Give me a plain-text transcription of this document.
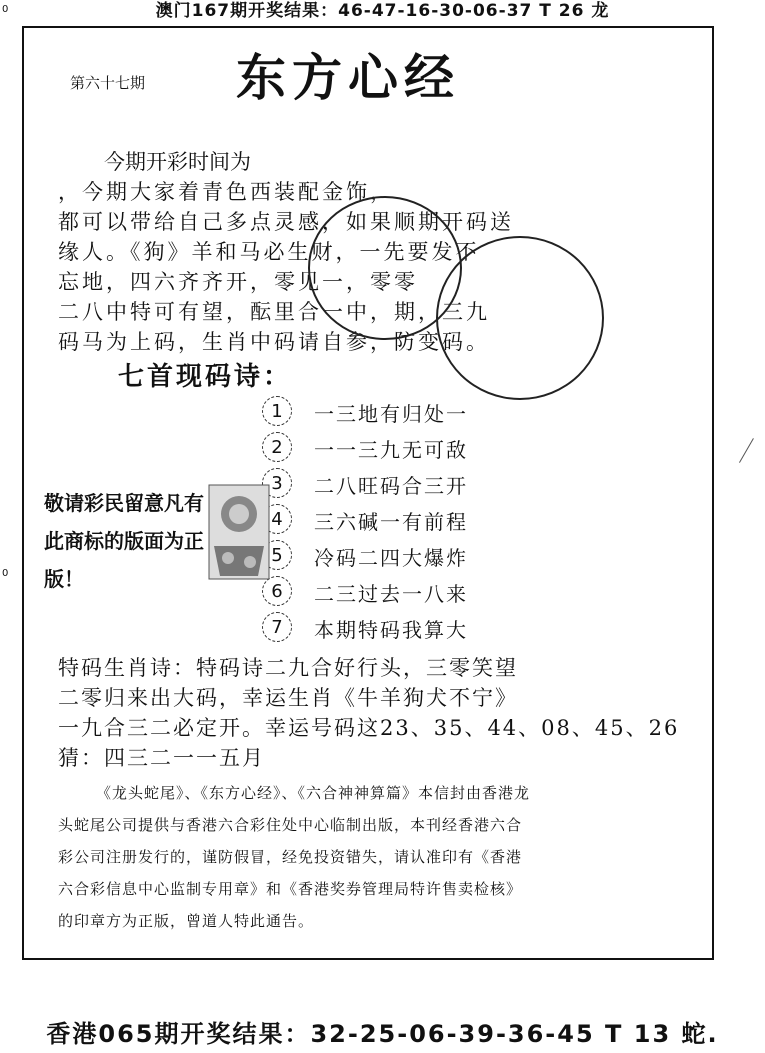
澳门167期开奖结果：46-47-16-30-06-37 T 26 龙
0
第六十七期 东方心经
今期开彩时间为
，今期大家着青色西装配金饰，
都可以带给自己多点灵感，如果顺期开码送
缘人。《狗》羊和马必生财，一先要发不
忘地，四六齐齐开，零见一，零零
二八中特可有望，酝里合一中，期，三九
码马为上码，生肖中码请自参，防变码。
七首现码诗：
1	一三地有归处一
2	一一三九无可敌
3	二八旺码合三开
4	三六碱一有前程
5	冷码二四大爆炸
6	二三过去一八来
7	本期特码我算大
敬请彩民留意凡有此商标的版面为正版！
0
特码生肖诗：特码诗二九合好行头，三零笑望
二零归来出大码，幸运生肖《牛羊狗犬不宁》
一九合三二必定开。幸运号码这23、35、44、08、45、26
猜：四三二一一五月
《龙头蛇尾》、《东方心经》、《六合神神算篇》本信封由香港龙
头蛇尾公司提供与香港六合彩住处中心临制出版，本刊经香港六合
彩公司注册发行的，谨防假冒，经免投资错失，请认准印有《香港
六合彩信息中心监制专用章》和《香港奖券管理局特许售卖检核》
的印章方为正版，曾道人特此通告。
香港065期开奖结果：32-25-06-39-36-45 T 13 蛇.
